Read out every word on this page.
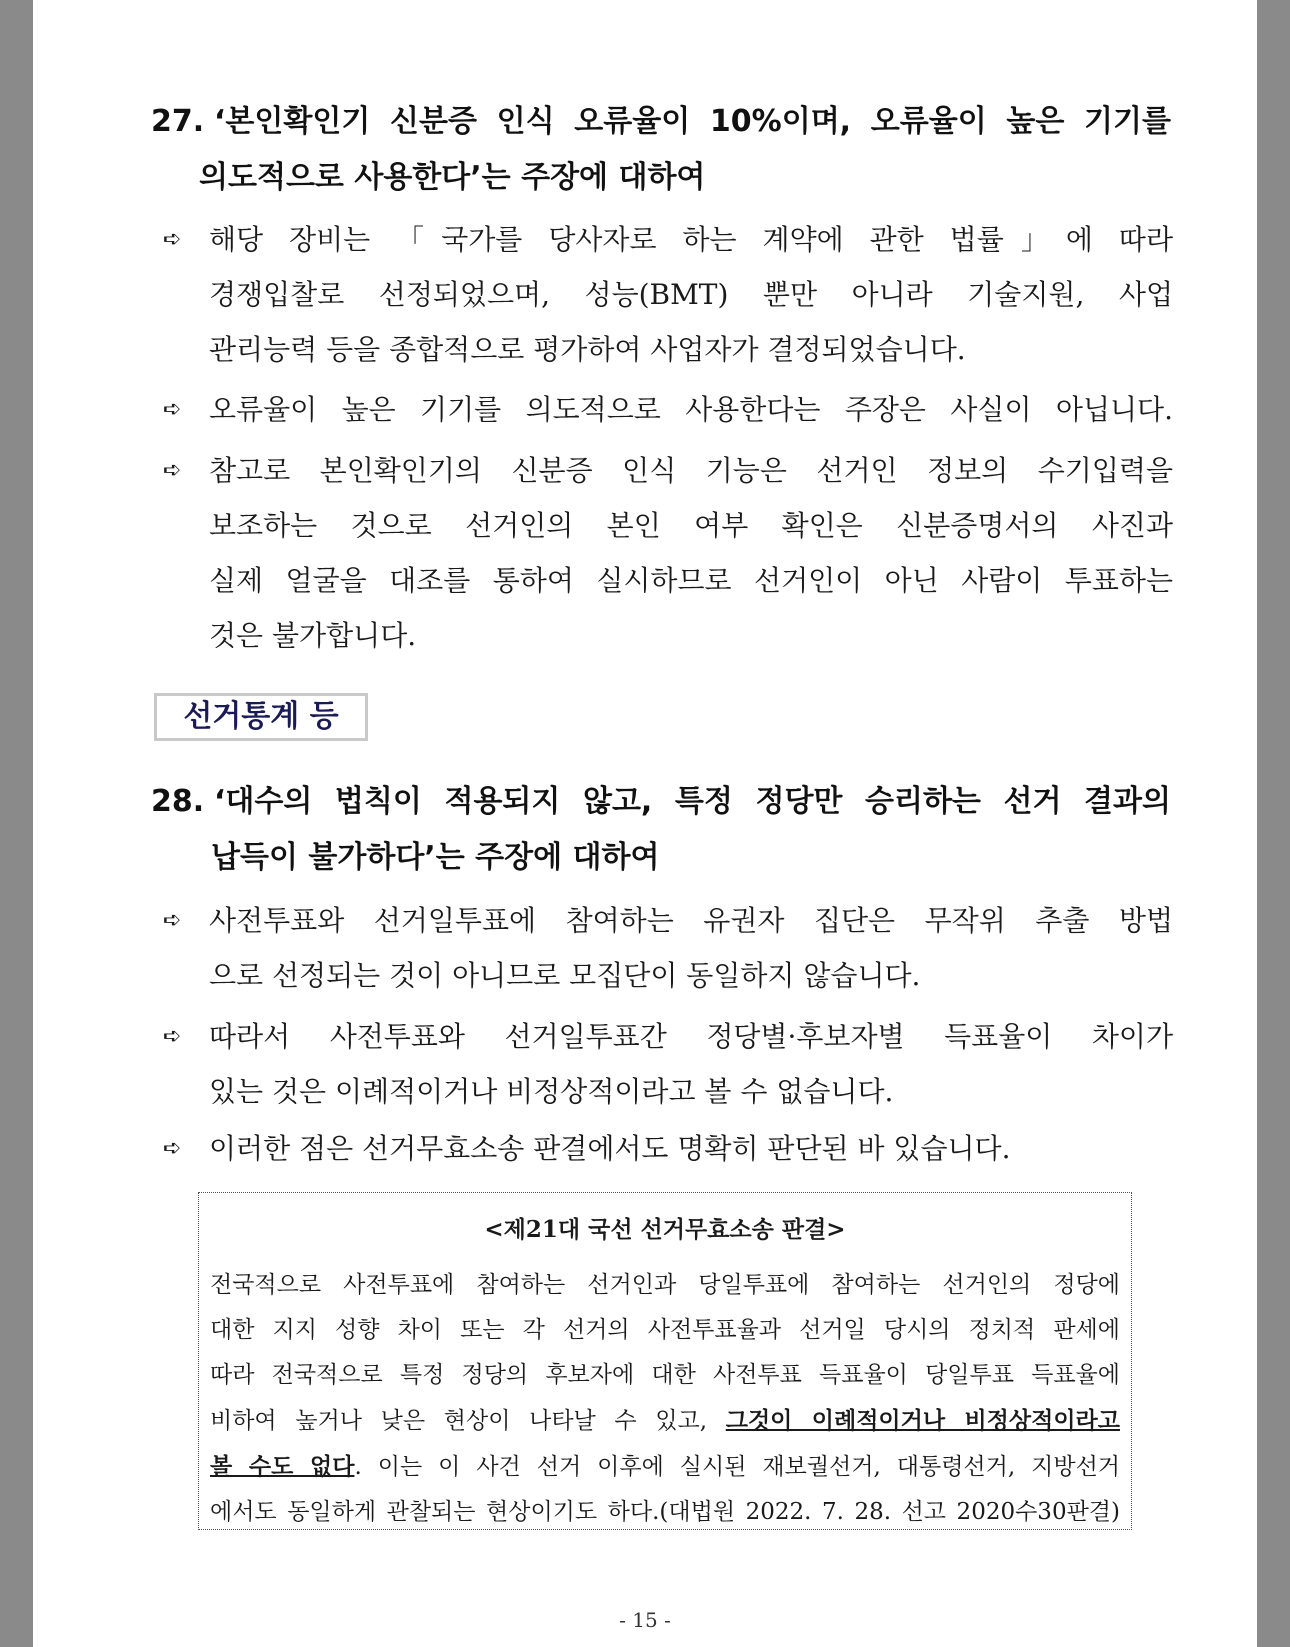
27. ‘본인확인기 신분증 인식 오류율이 10%이며, 오류율이 높은 기기를
의도적으로 사용한다’는 주장에 대하여
➪ 해당 장비는 「국가를 당사자로 하는 계약에 관한 법률」에 따라
경쟁입찰로 선정되었으며, 성능(BMT) 뿐만 아니라 기술지원, 사업
관리능력 등을 종합적으로 평가하여 사업자가 결정되었습니다.
➪ 오류율이 높은 기기를 의도적으로 사용한다는 주장은 사실이 아닙니다.
➪ 참고로 본인확인기의 신분증 인식 기능은 선거인 정보의 수기입력을
보조하는 것으로 선거인의 본인 여부 확인은 신분증명서의 사진과
실제 얼굴을 대조를 통하여 실시하므로 선거인이 아닌 사람이 투표하는
것은 불가합니다.
선거통계 등
28. ‘대수의 법칙이 적용되지 않고, 특정 정당만 승리하는 선거 결과의
납득이 불가하다’는 주장에 대하여
➪ 사전투표와 선거일투표에 참여하는 유권자 집단은 무작위 추출 방법
으로 선정되는 것이 아니므로 모집단이 동일하지 않습니다.
➪ 따라서 사전투표와 선거일투표간 정당별·후보자별 득표율이 차이가
있는 것은 이례적이거나 비정상적이라고 볼 수 없습니다.
➪ 이러한 점은 선거무효소송 판결에서도 명확히 판단된 바 있습니다.
<제21대 국선 선거무효소송 판결>
전국적으로 사전투표에 참여하는 선거인과 당일투표에 참여하는 선거인의 정당에
대한 지지 성향 차이 또는 각 선거의 사전투표율과 선거일 당시의 정치적 판세에
따라 전국적으로 특정 정당의 후보자에 대한 사전투표 득표율이 당일투표 득표율에
비하여 높거나 낮은 현상이 나타날 수 있고, 그것이 이례적이거나 비정상적이라고
볼 수도 없다. 이는 이 사건 선거 이후에 실시된 재보궐선거, 대통령선거, 지방선거
에서도 동일하게 관찰되는 현상이기도 하다.(대법원 2022. 7. 28. 선고 2020수30판결)
- 15 -
